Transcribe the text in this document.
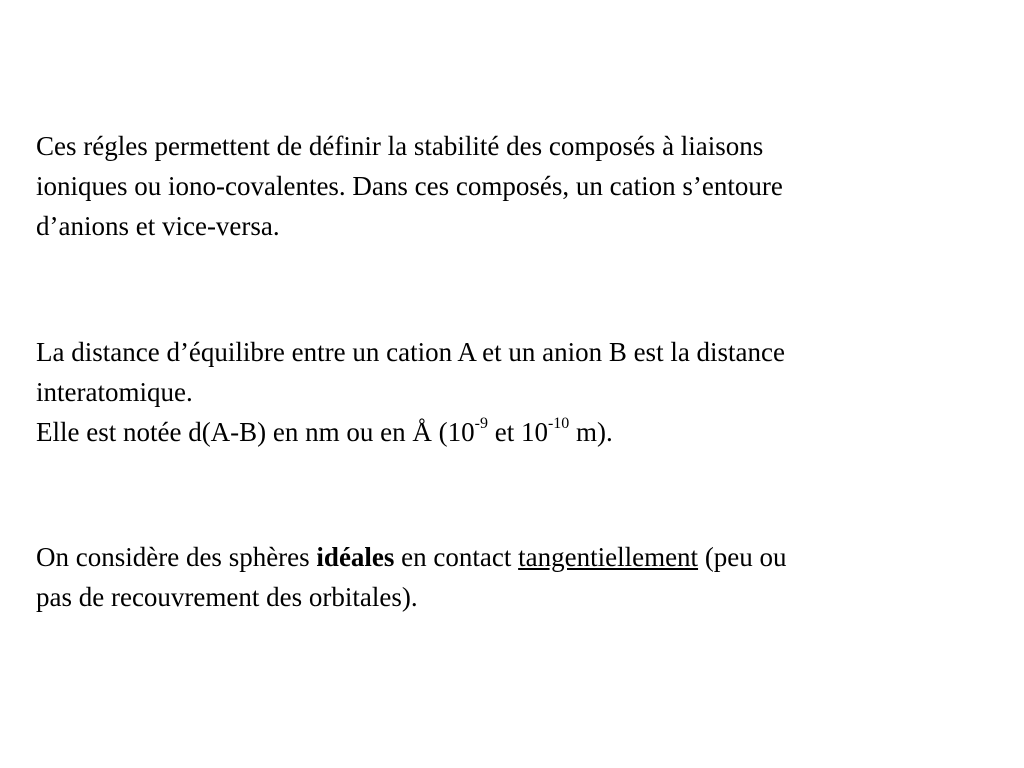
Ces régles permettent de définir la stabilité des composés à liaisons
ioniques ou iono-covalentes. Dans ces composés, un cation s’entoure
d’anions et vice-versa.

La distance d’équilibre entre un cation A et un anion B est la distance
interatomique.
Elle est notée d(A-B) en nm ou en Å ($10^{-9}$ et $10^{-10}$ m).

On considère des sphères idéales en contact tangentiellement (peu ou
pas de recouvrement des orbitales).
